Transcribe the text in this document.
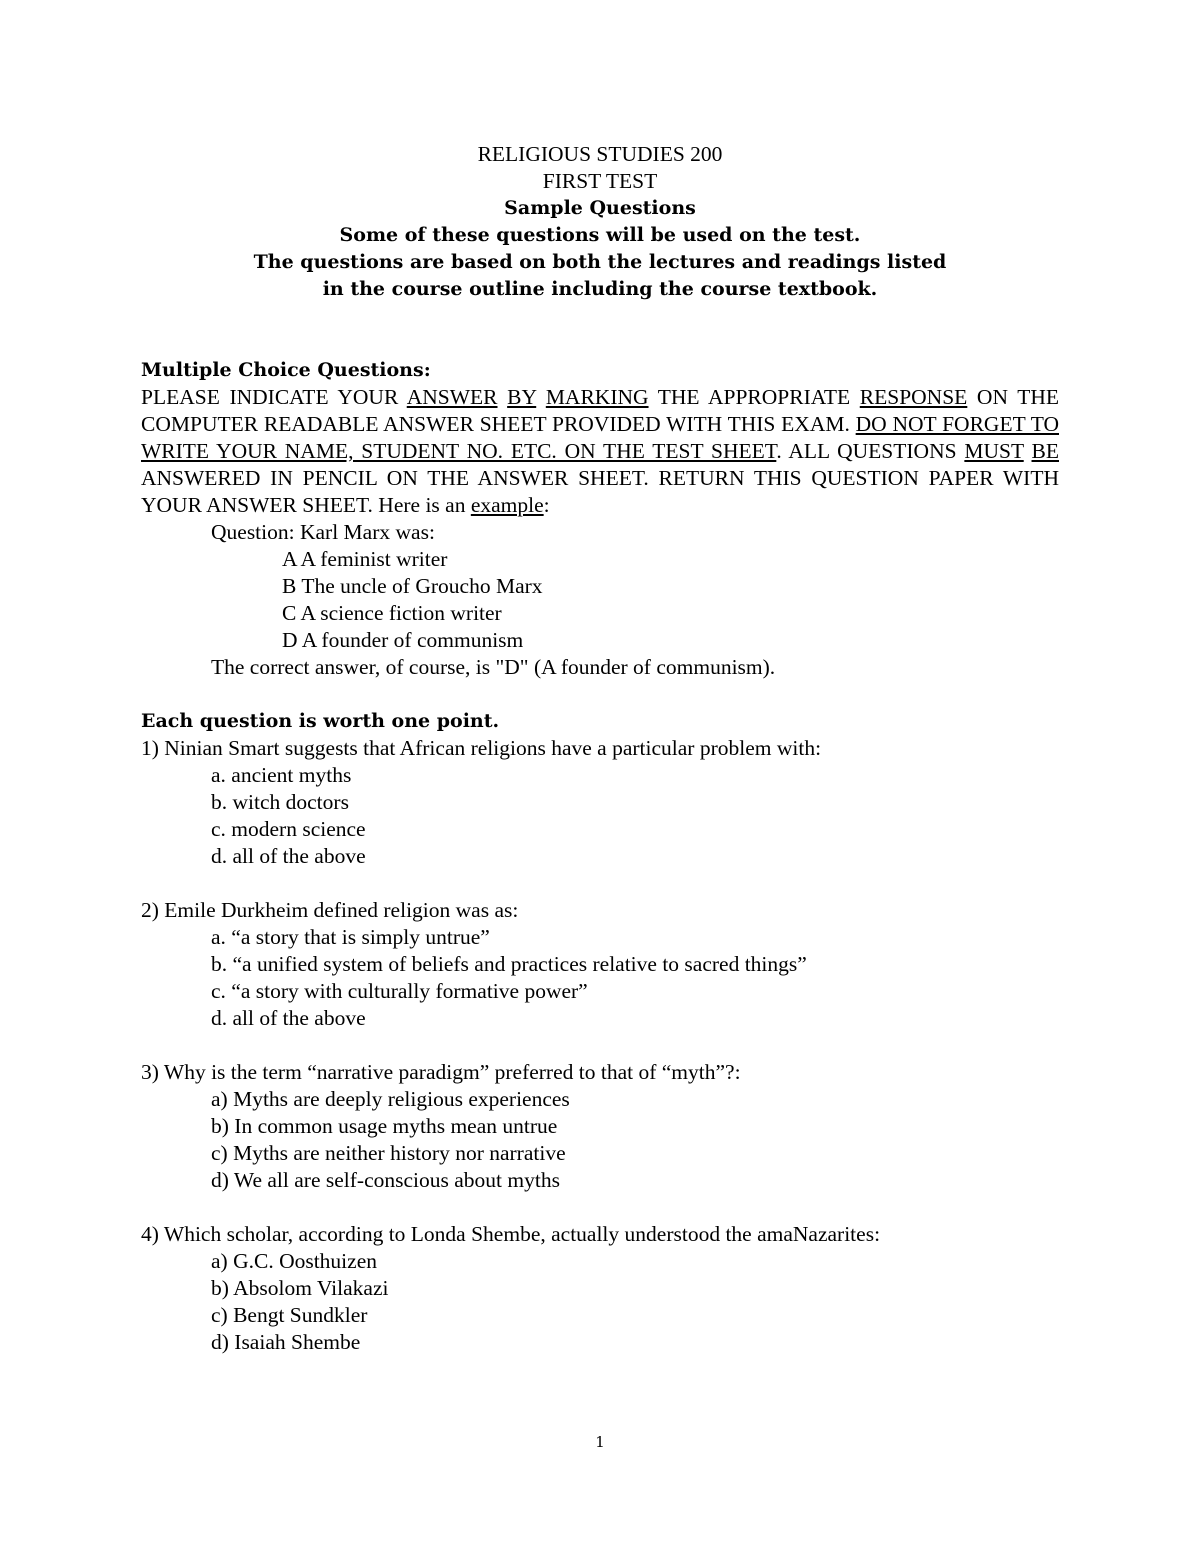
RELIGIOUS STUDIES 200
FIRST TEST
Sample Questions
Some of these questions will be used on the test.
The questions are based on both the lectures and readings listed
in the course outline including the course textbook.
Multiple Choice Questions:
PLEASE INDICATE YOUR ANSWER BY MARKING THE APPROPRIATE RESPONSE ON THE COMPUTER READABLE ANSWER SHEET PROVIDED WITH THIS EXAM. DO NOT FORGET TO WRITE YOUR NAME, STUDENT NO. ETC. ON THE TEST SHEET. ALL QUESTIONS MUST BE ANSWERED IN PENCIL ON THE ANSWER SHEET. RETURN THIS QUESTION PAPER WITH YOUR ANSWER SHEET. Here is an example:
Question: Karl Marx was:
A A feminist writer
B The uncle of Groucho Marx
C A science fiction writer
D A founder of communism
The correct answer, of course, is "D" (A founder of communism).
Each question is worth one point.
1) Ninian Smart suggests that African religions have a particular problem with:
a. ancient myths
b. witch doctors
c. modern science
d. all of the above
2) Emile Durkheim defined religion was as:
a. “a story that is simply untrue”
b. “a unified system of beliefs and practices relative to sacred things”
c. “a story with culturally formative power”
d. all of the above
3) Why is the term “narrative paradigm” preferred to that of “myth”?:
a) Myths are deeply religious experiences
b) In common usage myths mean untrue
c) Myths are neither history nor narrative
d) We all are self-conscious about myths
4) Which scholar, according to Londa Shembe, actually understood the amaNazarites:
a) G.C. Oosthuizen
b) Absolom Vilakazi
c) Bengt Sundkler
d) Isaiah Shembe
1
